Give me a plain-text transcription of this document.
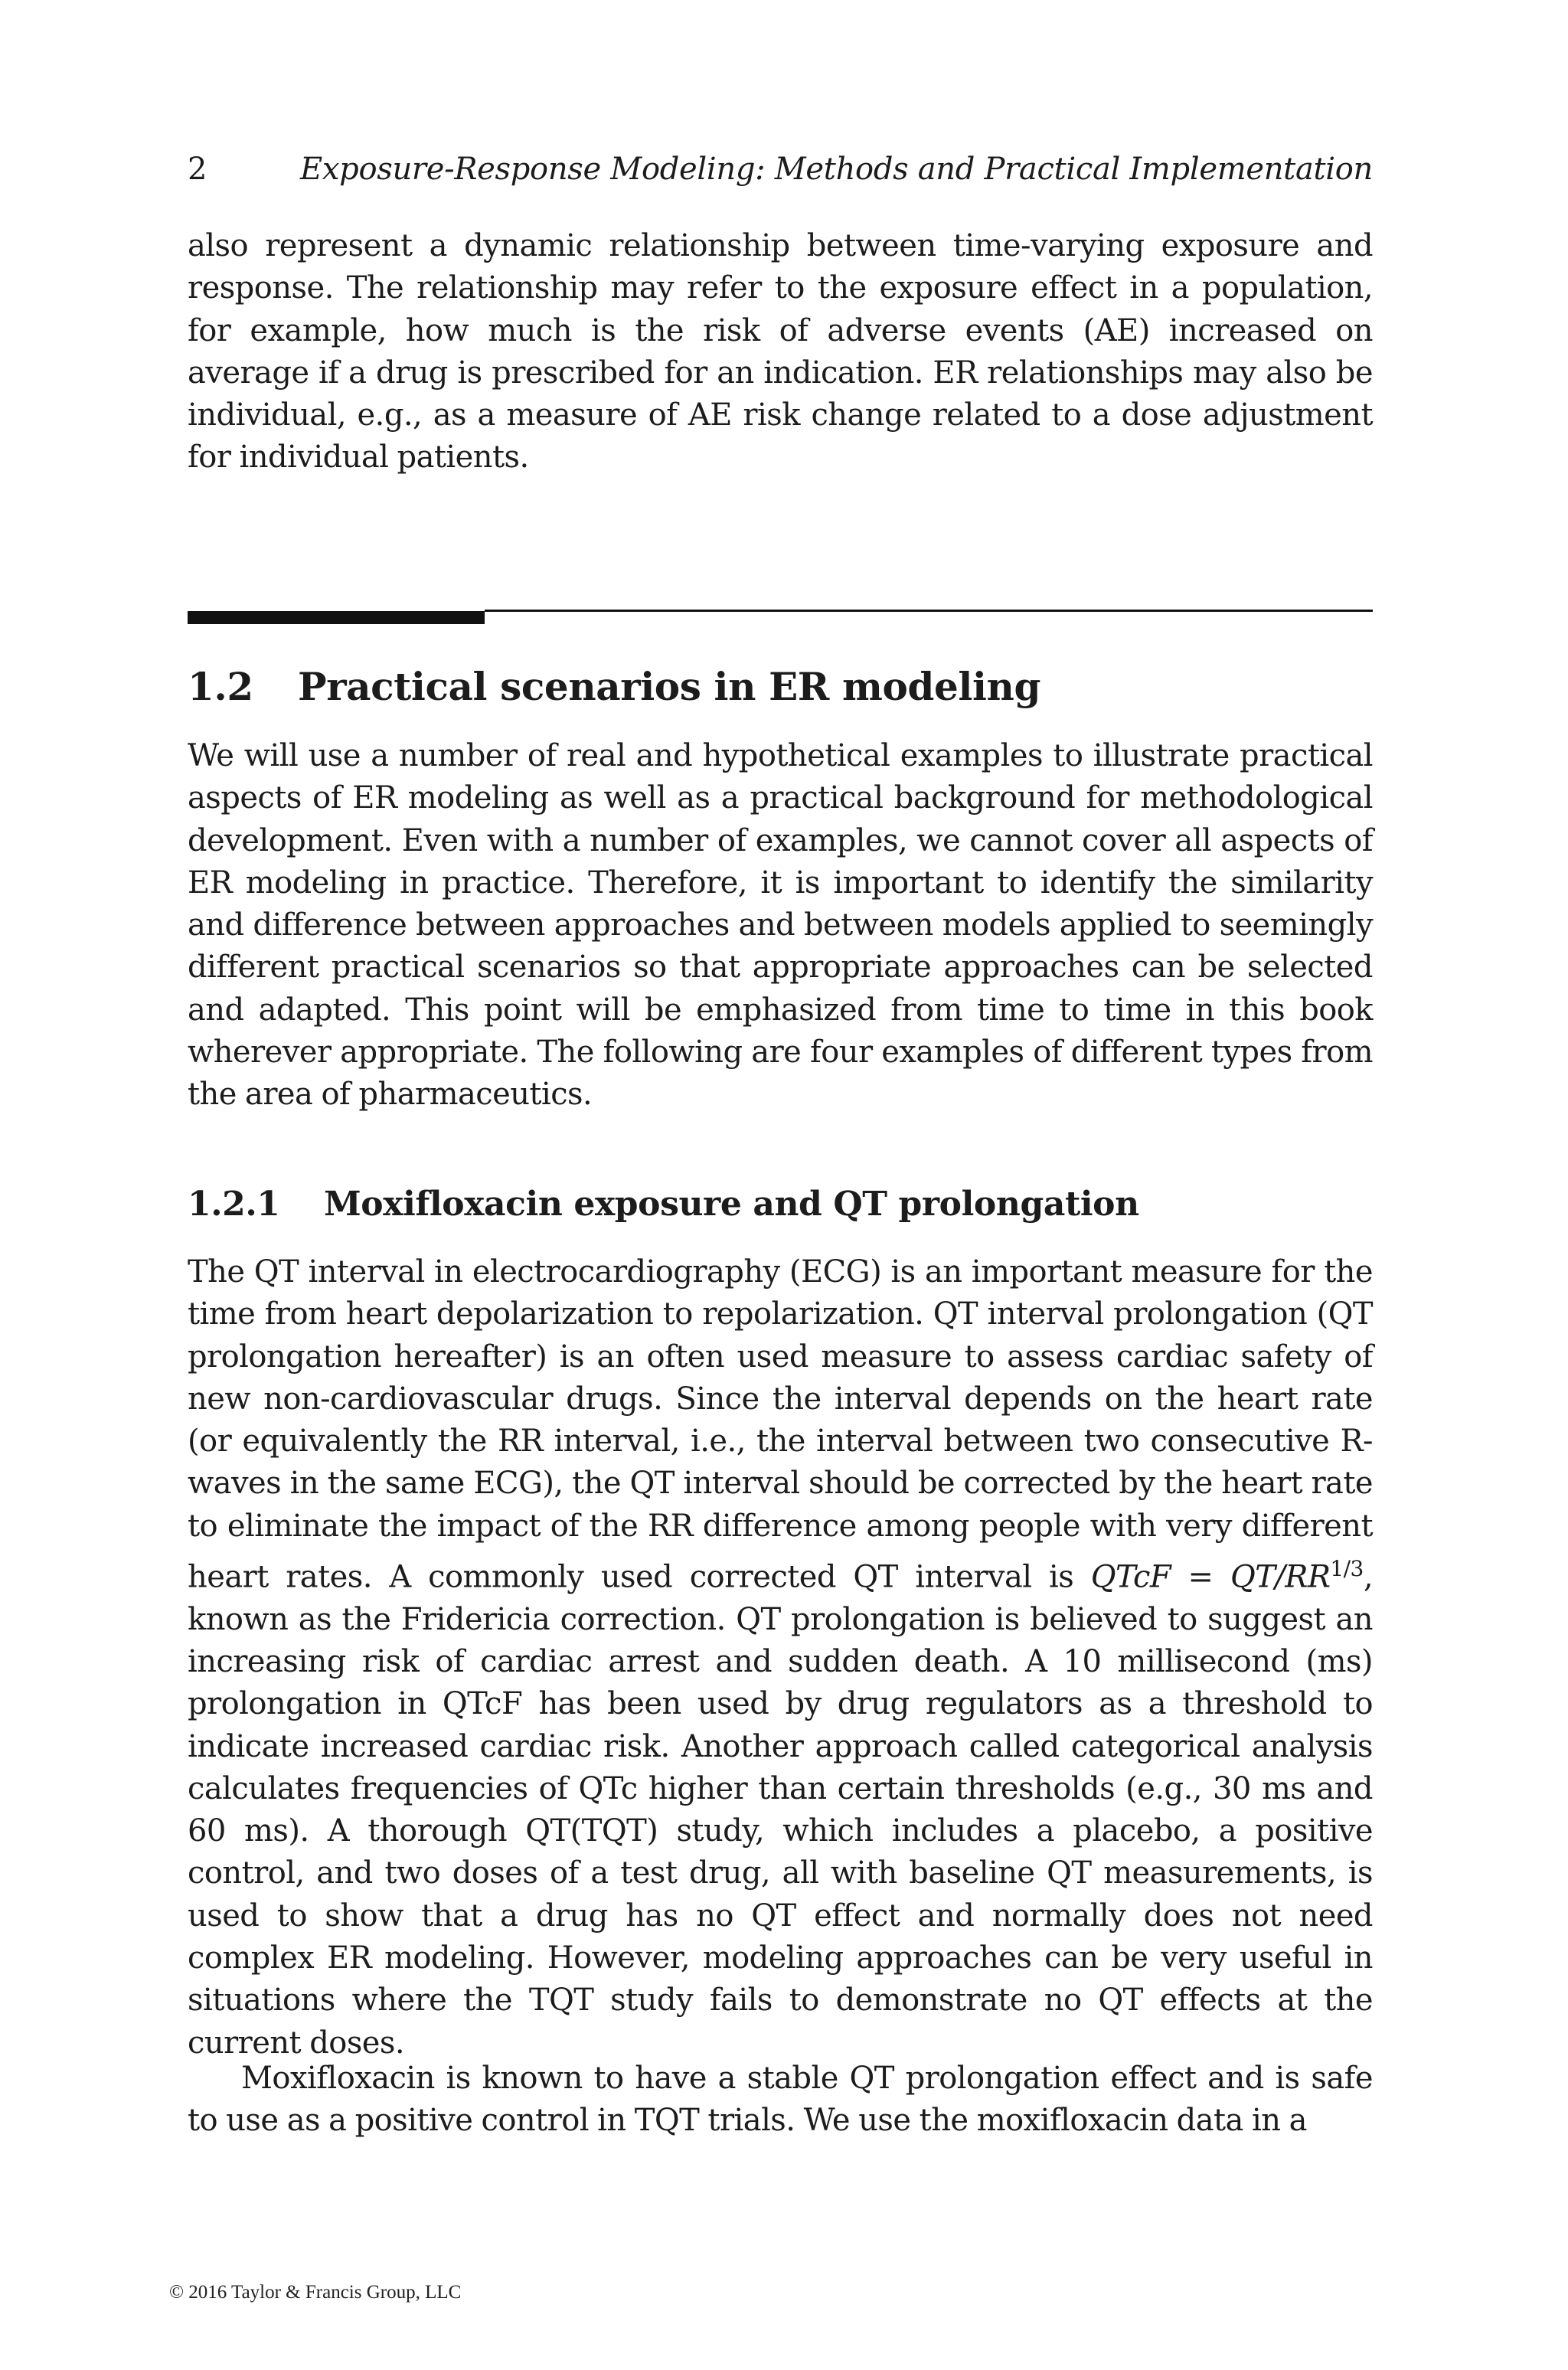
2	Exposure-Response Modeling: Methods and Practical Implementation

also represent a dynamic relationship between time-varying exposure and response. The relationship may refer to the exposure effect in a population, for example, how much is the risk of adverse events (AE) increased on average if a drug is prescribed for an indication. ER relationships may also be individual, e.g., as a measure of AE risk change related to a dose adjustment for individual patients.

1.2 Practical scenarios in ER modeling

We will use a number of real and hypothetical examples to illustrate practical aspects of ER modeling as well as a practical background for methodological development. Even with a number of examples, we cannot cover all aspects of ER modeling in practice. Therefore, it is important to identify the similarity and difference between approaches and between models applied to seemingly different practical scenarios so that appropriate approaches can be selected and adapted. This point will be emphasized from time to time in this book wherever appropriate. The following are four examples of different types from the area of pharmaceutics.

1.2.1 Moxifloxacin exposure and QT prolongation

The QT interval in electrocardiography (ECG) is an important measure for the time from heart depolarization to repolarization. QT interval prolongation (QT prolongation hereafter) is an often used measure to assess cardiac safety of new non-cardiovascular drugs. Since the interval depends on the heart rate (or equivalently the RR interval, i.e., the interval between two consecutive R-waves in the same ECG), the QT interval should be corrected by the heart rate to eliminate the impact of the RR difference among people with very different heart rates. A commonly used corrected QT interval is QTcF = $QT/RR^{1/3}$, known as the Fridericia correction. QT prolongation is believed to suggest an increasing risk of cardiac arrest and sudden death. A 10 millisecond (ms) prolongation in QTcF has been used by drug regulators as a threshold to indicate increased cardiac risk. Another approach called categorical analysis calculates frequencies of QTc higher than certain thresholds (e.g., 30 ms and 60 ms). A thorough QT(TQT) study, which includes a placebo, a positive control, and two doses of a test drug, all with baseline QT measurements, is used to show that a drug has no QT effect and normally does not need complex ER modeling. However, modeling approaches can be very useful in situations where the TQT study fails to demonstrate no QT effects at the current doses.

Moxifloxacin is known to have a stable QT prolongation effect and is safe to use as a positive control in TQT trials. We use the moxifloxacin data in a

© 2016 Taylor & Francis Group, LLC
